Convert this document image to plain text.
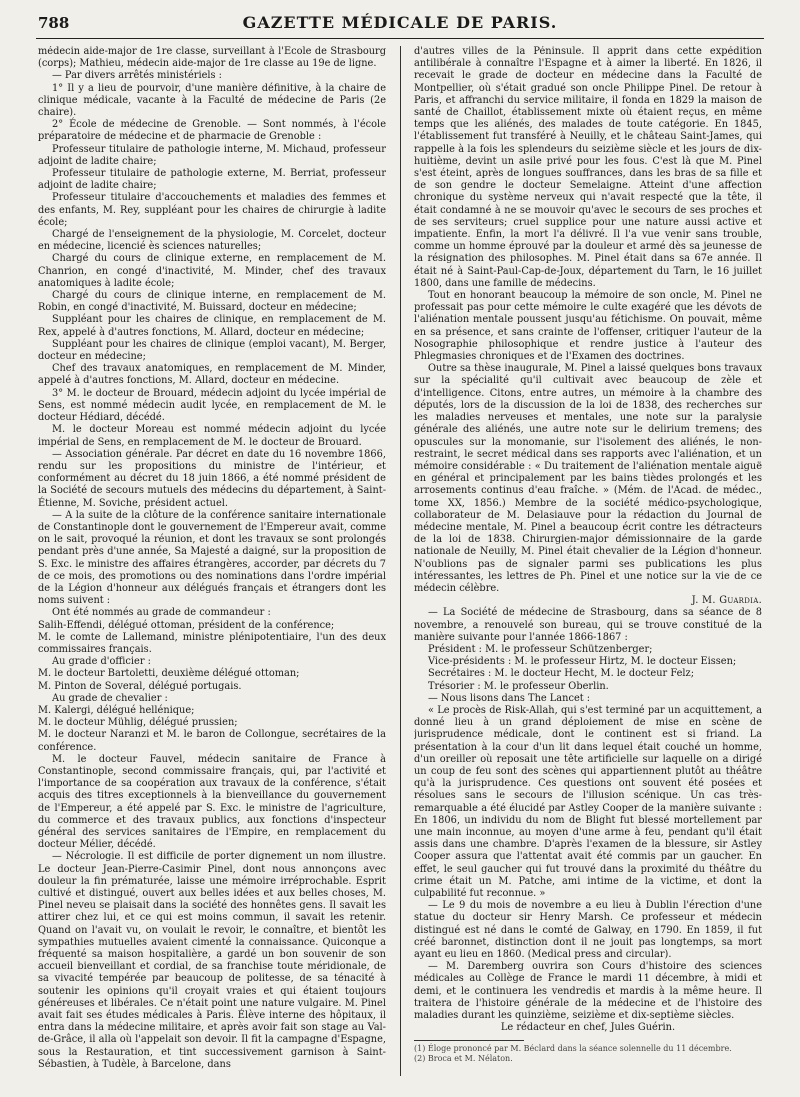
788	GAZETTE MÉDICALE DE PARIS.

médecin aide-major de 1re classe, surveillant à l'École de Strasbourg (corps); Mathieu, médecin aide-major de 1re classe au 19e de ligne.

— Par divers arrêtés ministériels :

1° Il y a lieu de pourvoir, d'une manière définitive, à la chaire de clinique médicale, vacante à la Faculté de médecine de Paris (2e chaire).

2° École de médecine de Grenoble. — Sont nommés, à l'école préparatoire de médecine et de pharmacie de Grenoble :

Professeur titulaire de pathologie interne, M. Michaud, professeur adjoint de ladite chaire;

Professeur titulaire de pathologie externe, M. Berriat, professeur adjoint de ladite chaire;

Professeur titulaire d'accouchements et maladies des femmes et des enfants, M. Rey, suppléant pour les chaires de chirurgie à ladite école;

Chargé de l'enseignement de la physiologie, M. Corcelet, docteur en médecine, licencié ès sciences naturelles;

Chargé du cours de clinique externe, en remplacement de M. Chanrion, en congé d'inactivité, M. Minder, chef des travaux anatomiques à ladite école;

Chargé du cours de clinique interne, en remplacement de M. Robin, en congé d'inactivité, M. Buissard, docteur en médecine;

Suppléant pour les chaires de clinique, en remplacement de M. Rex, appelé à d'autres fonctions, M. Allard, docteur en médecine;

Suppléant pour les chaires de clinique (emploi vacant), M. Berger, docteur en médecine;

Chef des travaux anatomiques, en remplacement de M. Minder, appelé à d'autres fonctions, M. Allard, docteur en médecine.

3° M. le docteur de Brouard, médecin adjoint du lycée impérial de Sens, est nommé médecin audit lycée, en remplacement de M. le docteur Hédiard, décédé.

M. le docteur Moreau est nommé médecin adjoint du lycée impérial de Sens, en remplacement de M. le docteur de Brouard.

— Association générale. Par décret en date du 16 novembre 1866, rendu sur les propositions du ministre de l'intérieur, et conformément au décret du 18 juin 1866, a été nommé président de la Société de secours mutuels des médecins du département, à Saint-Étienne, M. Soviche, président actuel.

— A la suite de la clôture de la conférence sanitaire internationale de Constantinople dont le gouvernement de l'Empereur avait, comme on le sait, provoqué la réunion, et dont les travaux se sont prolongés pendant près d'une année, Sa Majesté a daigné, sur la proposition de S. Exc. le ministre des affaires étrangères, accorder, par décrets du 7 de ce mois, des promotions ou des nominations dans l'ordre impérial de la Légion d'honneur aux délégués français et étrangers dont les noms suivent :

Ont été nommés au grade de commandeur :

Salih-Effendi, délégué ottoman, président de la conférence;

M. le comte de Lallemand, ministre plénipotentiaire, l'un des deux commissaires français.

Au grade d'officier :

M. le docteur Bartoletti, deuxième délégué ottoman;

M. Pinton de Soveral, délégué portugais.

Au grade de chevalier :

M. Kalergi, délégué hellénique;

M. le docteur Mühlig, délégué prussien;

M. le docteur Naranzi et M. le baron de Collongue, secrétaires de la conférence.

M. le docteur Fauvel, médecin sanitaire de France à Constantinople, second commissaire français, qui, par l'activité et l'importance de sa coopération aux travaux de la conférence, s'était acquis des titres exceptionnels à la bienveillance du gouvernement de l'Empereur, a été appelé par S. Exc. le ministre de l'agriculture, du commerce et des travaux publics, aux fonctions d'inspecteur général des services sanitaires de l'Empire, en remplacement du docteur Mélier, décédé.

— Nécrologie. Il est difficile de porter dignement un nom illustre. Le docteur Jean-Pierre-Casimir Pinel, dont nous annonçons avec douleur la fin prématurée, laisse une mémoire irréprochable. Esprit cultivé et distingué, ouvert aux belles idées et aux belles choses, M. Pinel neveu se plaisait dans la société des honnêtes gens. Il savait les attirer chez lui, et ce qui est moins commun, il savait les retenir. Quand on l'avait vu, on voulait le revoir, le connaître, et bientôt les sympathies mutuelles avaient cimenté la connaissance. Quiconque a fréquenté sa maison hospitalière, a gardé un bon souvenir de son accueil bienveillant et cordial, de sa franchise toute méridionale, de sa vivacité tempérée par beaucoup de politesse, de sa ténacité à soutenir les opinions qu'il croyait vraies et qui étaient toujours généreuses et libérales. Ce n'était point une nature vulgaire. M. Pinel avait fait ses études médicales à Paris. Élève interne des hôpitaux, il entra dans la médecine militaire, et après avoir fait son stage au Val-de-Grâce, il alla où l'appelait son devoir. Il fit la campagne d'Espagne, sous la Restauration, et tint successivement garnison à Saint-Sébastien, à Tudèle, à Barcelone, dans

d'autres villes de la Péninsule. Il apprit dans cette expédition antilibérale à connaître l'Espagne et à aimer la liberté. En 1826, il recevait le grade de docteur en médecine dans la Faculté de Montpellier, où s'était gradué son oncle Philippe Pinel. De retour à Paris, et affranchi du service militaire, il fonda en 1829 la maison de santé de Chaillot, établissement mixte où étaient reçus, en même temps que les aliénés, des malades de toute catégorie. En 1845, l'établissement fut transféré à Neuilly, et le château Saint-James, qui rappelle à la fois les splendeurs du seizième siècle et les jours de dix-huitième, devint un asile privé pour les fous. C'est là que M. Pinel s'est éteint, après de longues souffrances, dans les bras de sa fille et de son gendre le docteur Semelaigne. Atteint d'une affection chronique du système nerveux qui n'avait respecté que la tête, il était condamné à ne se mouvoir qu'avec le secours de ses proches et de ses serviteurs; cruel supplice pour une nature aussi active et impatiente. Enfin, la mort l'a délivré. Il l'a vue venir sans trouble, comme un homme éprouvé par la douleur et armé dès sa jeunesse de la résignation des philosophes. M. Pinel était dans sa 67e année. Il était né à Saint-Paul-Cap-de-Joux, département du Tarn, le 16 juillet 1800, dans une famille de médecins.

Tout en honorant beaucoup la mémoire de son oncle, M. Pinel ne professait pas pour cette mémoire le culte exagéré que les dévots de l'aliénation mentale poussent jusqu'au fétichisme. On pouvait, même en sa présence, et sans crainte de l'offenser, critiquer l'auteur de la Nosographie philosophique et rendre justice à l'auteur des Phlegmasies chroniques et de l'Examen des doctrines.

Outre sa thèse inaugurale, M. Pinel a laissé quelques bons travaux sur la spécialité qu'il cultivait avec beaucoup de zèle et d'intelligence. Citons, entre autres, un mémoire à la chambre des députés, lors de la discussion de la loi de 1838, des recherches sur les maladies nerveuses et mentales, une note sur la paralysie générale des aliénés, une autre note sur le delirium tremens; des opuscules sur la monomanie, sur l'isolement des aliénés, le non-restraint, le secret médical dans ses rapports avec l'aliénation, et un mémoire considérable : « Du traitement de l'aliénation mentale aiguë en général et principalement par les bains tièdes prolongés et les arrosements continus d'eau fraîche. » (Mém. de l'Acad. de médec., tome XX, 1856.) Membre de la société médico-psychologique, collaborateur de M. Delasiauve pour la rédaction du Journal de médecine mentale, M. Pinel a beaucoup écrit contre les détracteurs de la loi de 1838. Chirurgien-major démissionnaire de la garde nationale de Neuilly, M. Pinel était chevalier de la Légion d'honneur. N'oublions pas de signaler parmi ses publications les plus intéressantes, les lettres de Ph. Pinel et une notice sur la vie de ce médecin célèbre.

J. M. Guardia.

— La Société de médecine de Strasbourg, dans sa séance de 8 novembre, a renouvelé son bureau, qui se trouve constitué de la manière suivante pour l'année 1866-1867 :

Président : M. le professeur Schützenberger;

Vice-présidents : M. le professeur Hirtz, M. le docteur Eissen;

Secrétaires : M. le docteur Hecht, M. le docteur Felz;

Trésorier : M. le professeur Oberlin.

— Nous lisons dans The Lancet :

« Le procès de Risk-Allah, qui s'est terminé par un acquittement, a donné lieu à un grand déploiement de mise en scène de jurisprudence médicale, dont le continent est si friand. La présentation à la cour d'un lit dans lequel était couché un homme, d'un oreiller où reposait une tête artificielle sur laquelle on a dirigé un coup de feu sont des scènes qui appartiennent plutôt au théâtre qu'à la jurisprudence. Ces questions ont souvent été posées et résolues sans le secours de l'illusion scénique. Un cas très-remarquable a été élucidé par Astley Cooper de la manière suivante : En 1806, un individu du nom de Blight fut blessé mortellement par une main inconnue, au moyen d'une arme à feu, pendant qu'il était assis dans une chambre. D'après l'examen de la blessure, sir Astley Cooper assura que l'attentat avait été commis par un gaucher. En effet, le seul gaucher qui fut trouvé dans la proximité du théâtre du crime était un M. Patche, ami intime de la victime, et dont la culpabilité fut reconnue. »

— Le 9 du mois de novembre a eu lieu à Dublin l'érection d'une statue du docteur sir Henry Marsh. Ce professeur et médecin distingué est né dans le comté de Galway, en 1790. En 1859, il fut créé baronnet, distinction dont il ne jouit pas longtemps, sa mort ayant eu lieu en 1860. (Medical press and circular).

— M. Daremberg ouvrira son Cours d'histoire des sciences médicales au Collège de France le mardi 11 décembre, à midi et demi, et le continuera les vendredis et mardis à la même heure. Il traitera de l'histoire générale de la médecine et de l'histoire des maladies durant les quinzième, seizième et dix-septième siècles.

Le rédacteur en chef, Jules Guérin.

(1) Éloge prononcé par M. Béclard dans la séance solennelle du 11 décembre.

(2) Broca et M. Nélaton.
